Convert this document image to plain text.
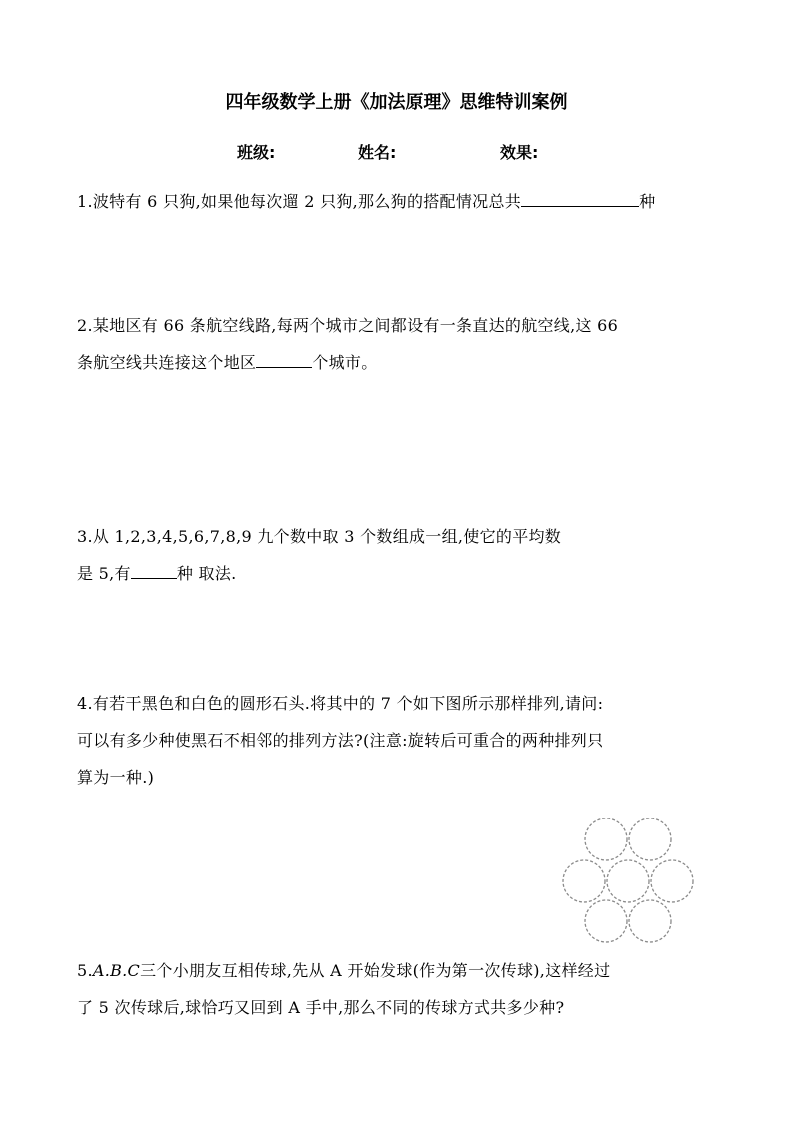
四年级数学上册《加法原理》思维特训案例
班级:	姓名:	效果:
1.波特有 6 只狗,如果他每次遛 2 只狗,那么狗的搭配情况总共	种
2.某地区有 66 条航空线路,每两个城市之间都设有一条直达的航空线,这 66
条航空线共连接这个地区	个城市。
3.从 1,2,3,4,5,6,7,8,9 九个数中取 3 个数组成一组,使它的平均数
是 5,有	种 取法.
4.有若干黑色和白色的圆形石头.将其中的 7 个如下图所示那样排列,请问:
可以有多少种使黑石不相邻的排列方法?(注意:旋转后可重合的两种排列只
算为一种.)
5.A.B.C三个小朋友互相传球,先从 A 开始发球(作为第一次传球),这样经过
了 5 次传球后,球恰巧又回到 A 手中,那么不同的传球方式共多少种?
